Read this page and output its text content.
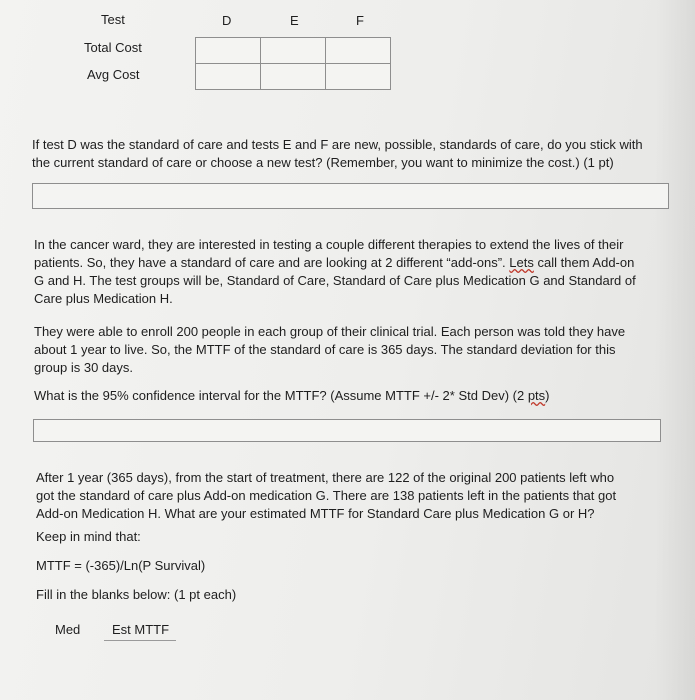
Test	D	E	F
Total Cost
Avg Cost

If test D was the standard of care and tests E and F are new, possible, standards of care, do you stick with
the current standard of care or choose a new test? (Remember, you want to minimize the cost.) (1 pt)
In the cancer ward, they are interested in testing a couple different therapies to extend the lives of their
patients. So, they have a standard of care and are looking at 2 different “add-ons”. Lets call them Add-on
G and H. The test groups will be, Standard of Care, Standard of Care plus Medication G and Standard of
Care plus Medication H.
They were able to enroll 200 people in each group of their clinical trial. Each person was told they have
about 1 year to live. So, the MTTF of the standard of care is 365 days. The standard deviation for this
group is 30 days.
What is the 95% confidence interval for the MTTF? (Assume MTTF +/- 2* Std Dev) (2 pts)
After 1 year (365 days), from the start of treatment, there are 122 of the original 200 patients left who
got the standard of care plus Add-on medication G. There are 138 patients left in the patients that got
Add-on Medication H. What are your estimated MTTF for Standard Care plus Medication G or H?
Keep in mind that:
MTTF = (-365)/Ln(P Survival)
Fill in the blanks below: (1 pt each)
Med Est MTTF
